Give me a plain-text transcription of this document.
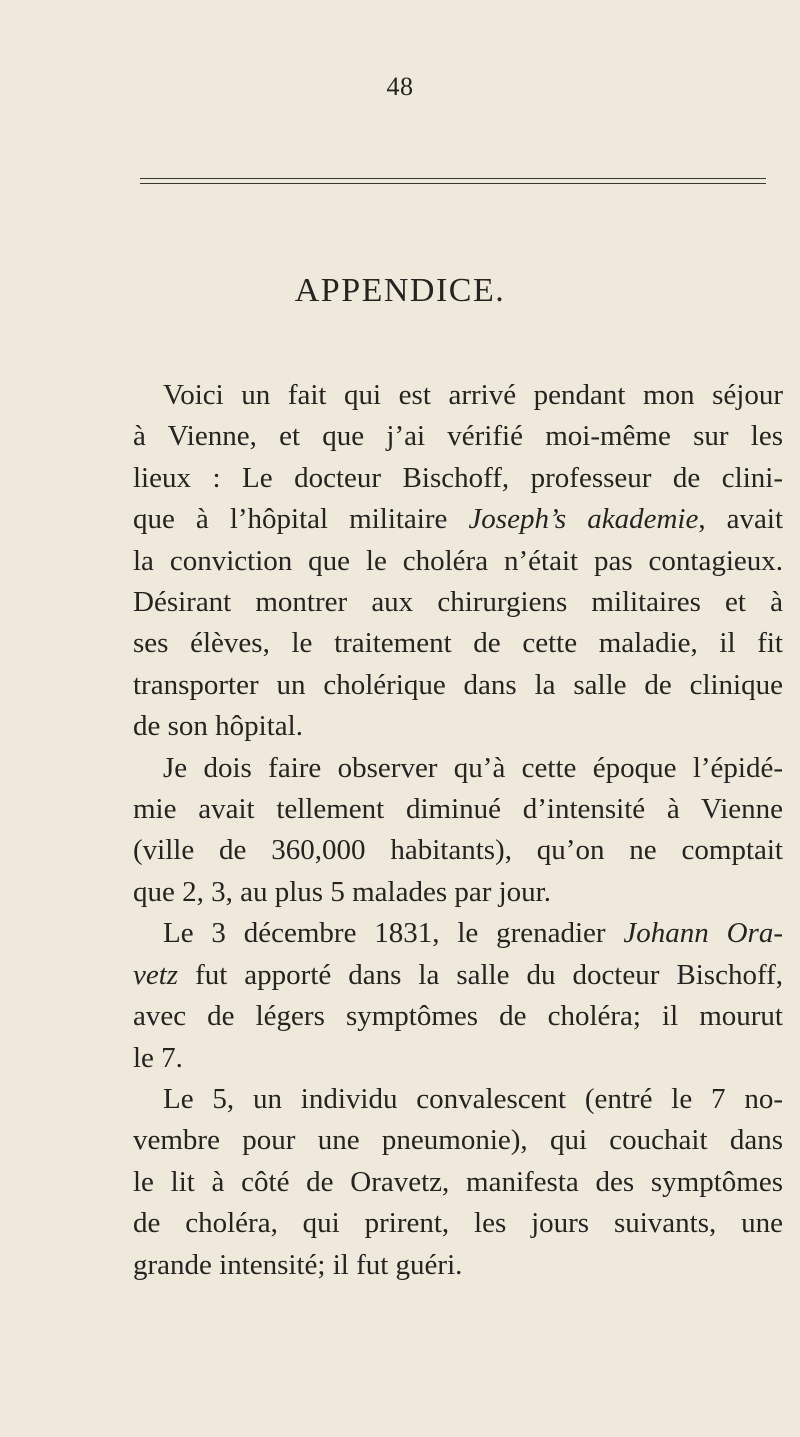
48
APPENDICE.
Voici un fait qui est arrivé pendant mon séjour
à Vienne, et que j’ai vérifié moi-même sur les
lieux : Le docteur Bischoff, professeur de clini-
que à l’hôpital militaire Joseph’s akademie, avait
la conviction que le choléra n’était pas contagieux.
Désirant montrer aux chirurgiens militaires et à
ses élèves, le traitement de cette maladie, il fit
transporter un cholérique dans la salle de clinique
de son hôpital.
Je dois faire observer qu’à cette époque l’épidé-
mie avait tellement diminué d’intensité à Vienne
(ville de 360,000 habitants), qu’on ne comptait
que 2, 3, au plus 5 malades par jour.
Le 3 décembre 1831, le grenadier Johann Ora-
vetz fut apporté dans la salle du docteur Bischoff,
avec de légers symptômes de choléra; il mourut
le 7.
Le 5, un individu convalescent (entré le 7 no-
vembre pour une pneumonie), qui couchait dans
le lit à côté de Oravetz, manifesta des symptômes
de choléra, qui prirent, les jours suivants, une
grande intensité; il fut guéri.
